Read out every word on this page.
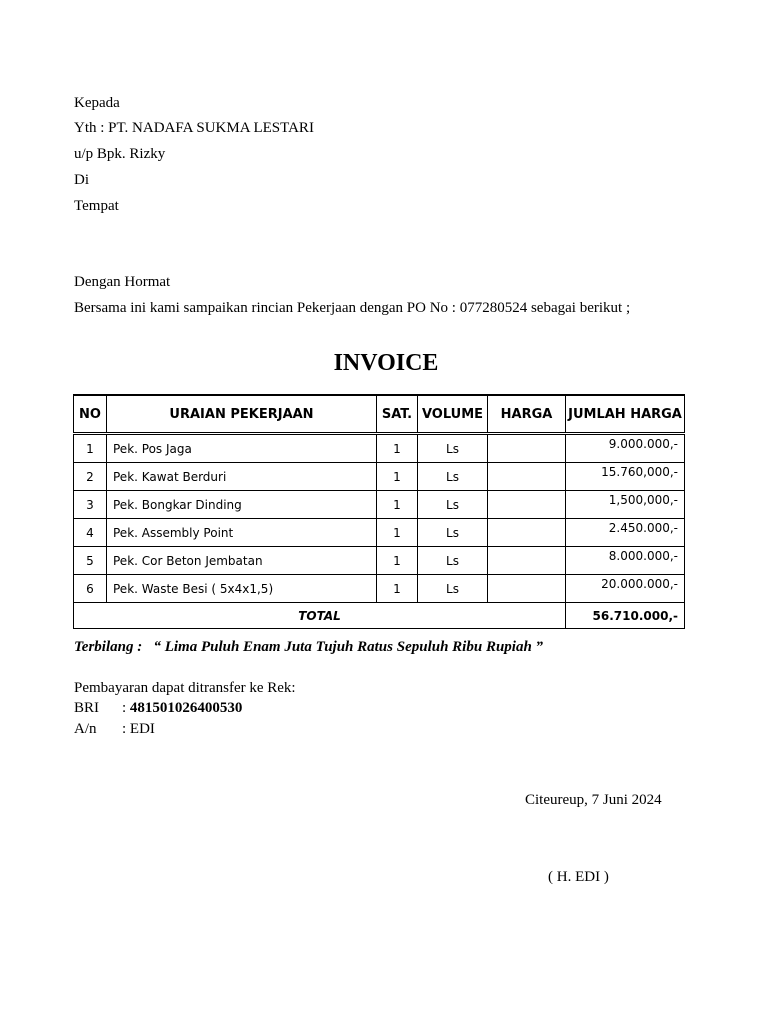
Kepada
Yth : PT. NADAFA SUKMA LESTARI
u/p Bpk. Rizky
Di
Tempat
Dengan Hormat
Bersama ini kami sampaikan rincian Pekerjaan dengan PO No : 077280524 sebagai berikut ;
INVOICE
NO	URAIAN PEKERJAAN	SAT.	VOLUME	HARGA	JUMLAH HARGA
1	Pek. Pos Jaga	1	Ls		9.000.000,-
2	Pek. Kawat Berduri	1	Ls		15.760,000,-
3	Pek. Bongkar Dinding	1	Ls		1,500,000,-
4	Pek. Assembly Point	1	Ls		2.450.000,-
5	Pek. Cor Beton Jembatan	1	Ls		8.000.000,-
6	Pek. Waste Besi ( 5x4x1,5)	1	Ls		20.000.000,-
TOTAL					56.710.000,-
Terbilang : “ Lima Puluh Enam Juta Tujuh Ratus Sepuluh Ribu Rupiah ”
Pembayaran dapat ditransfer ke Rek:
BRI : 481501026400530
A/n : EDI
Citeureup, 7 Juni 2024
( H. EDI )
